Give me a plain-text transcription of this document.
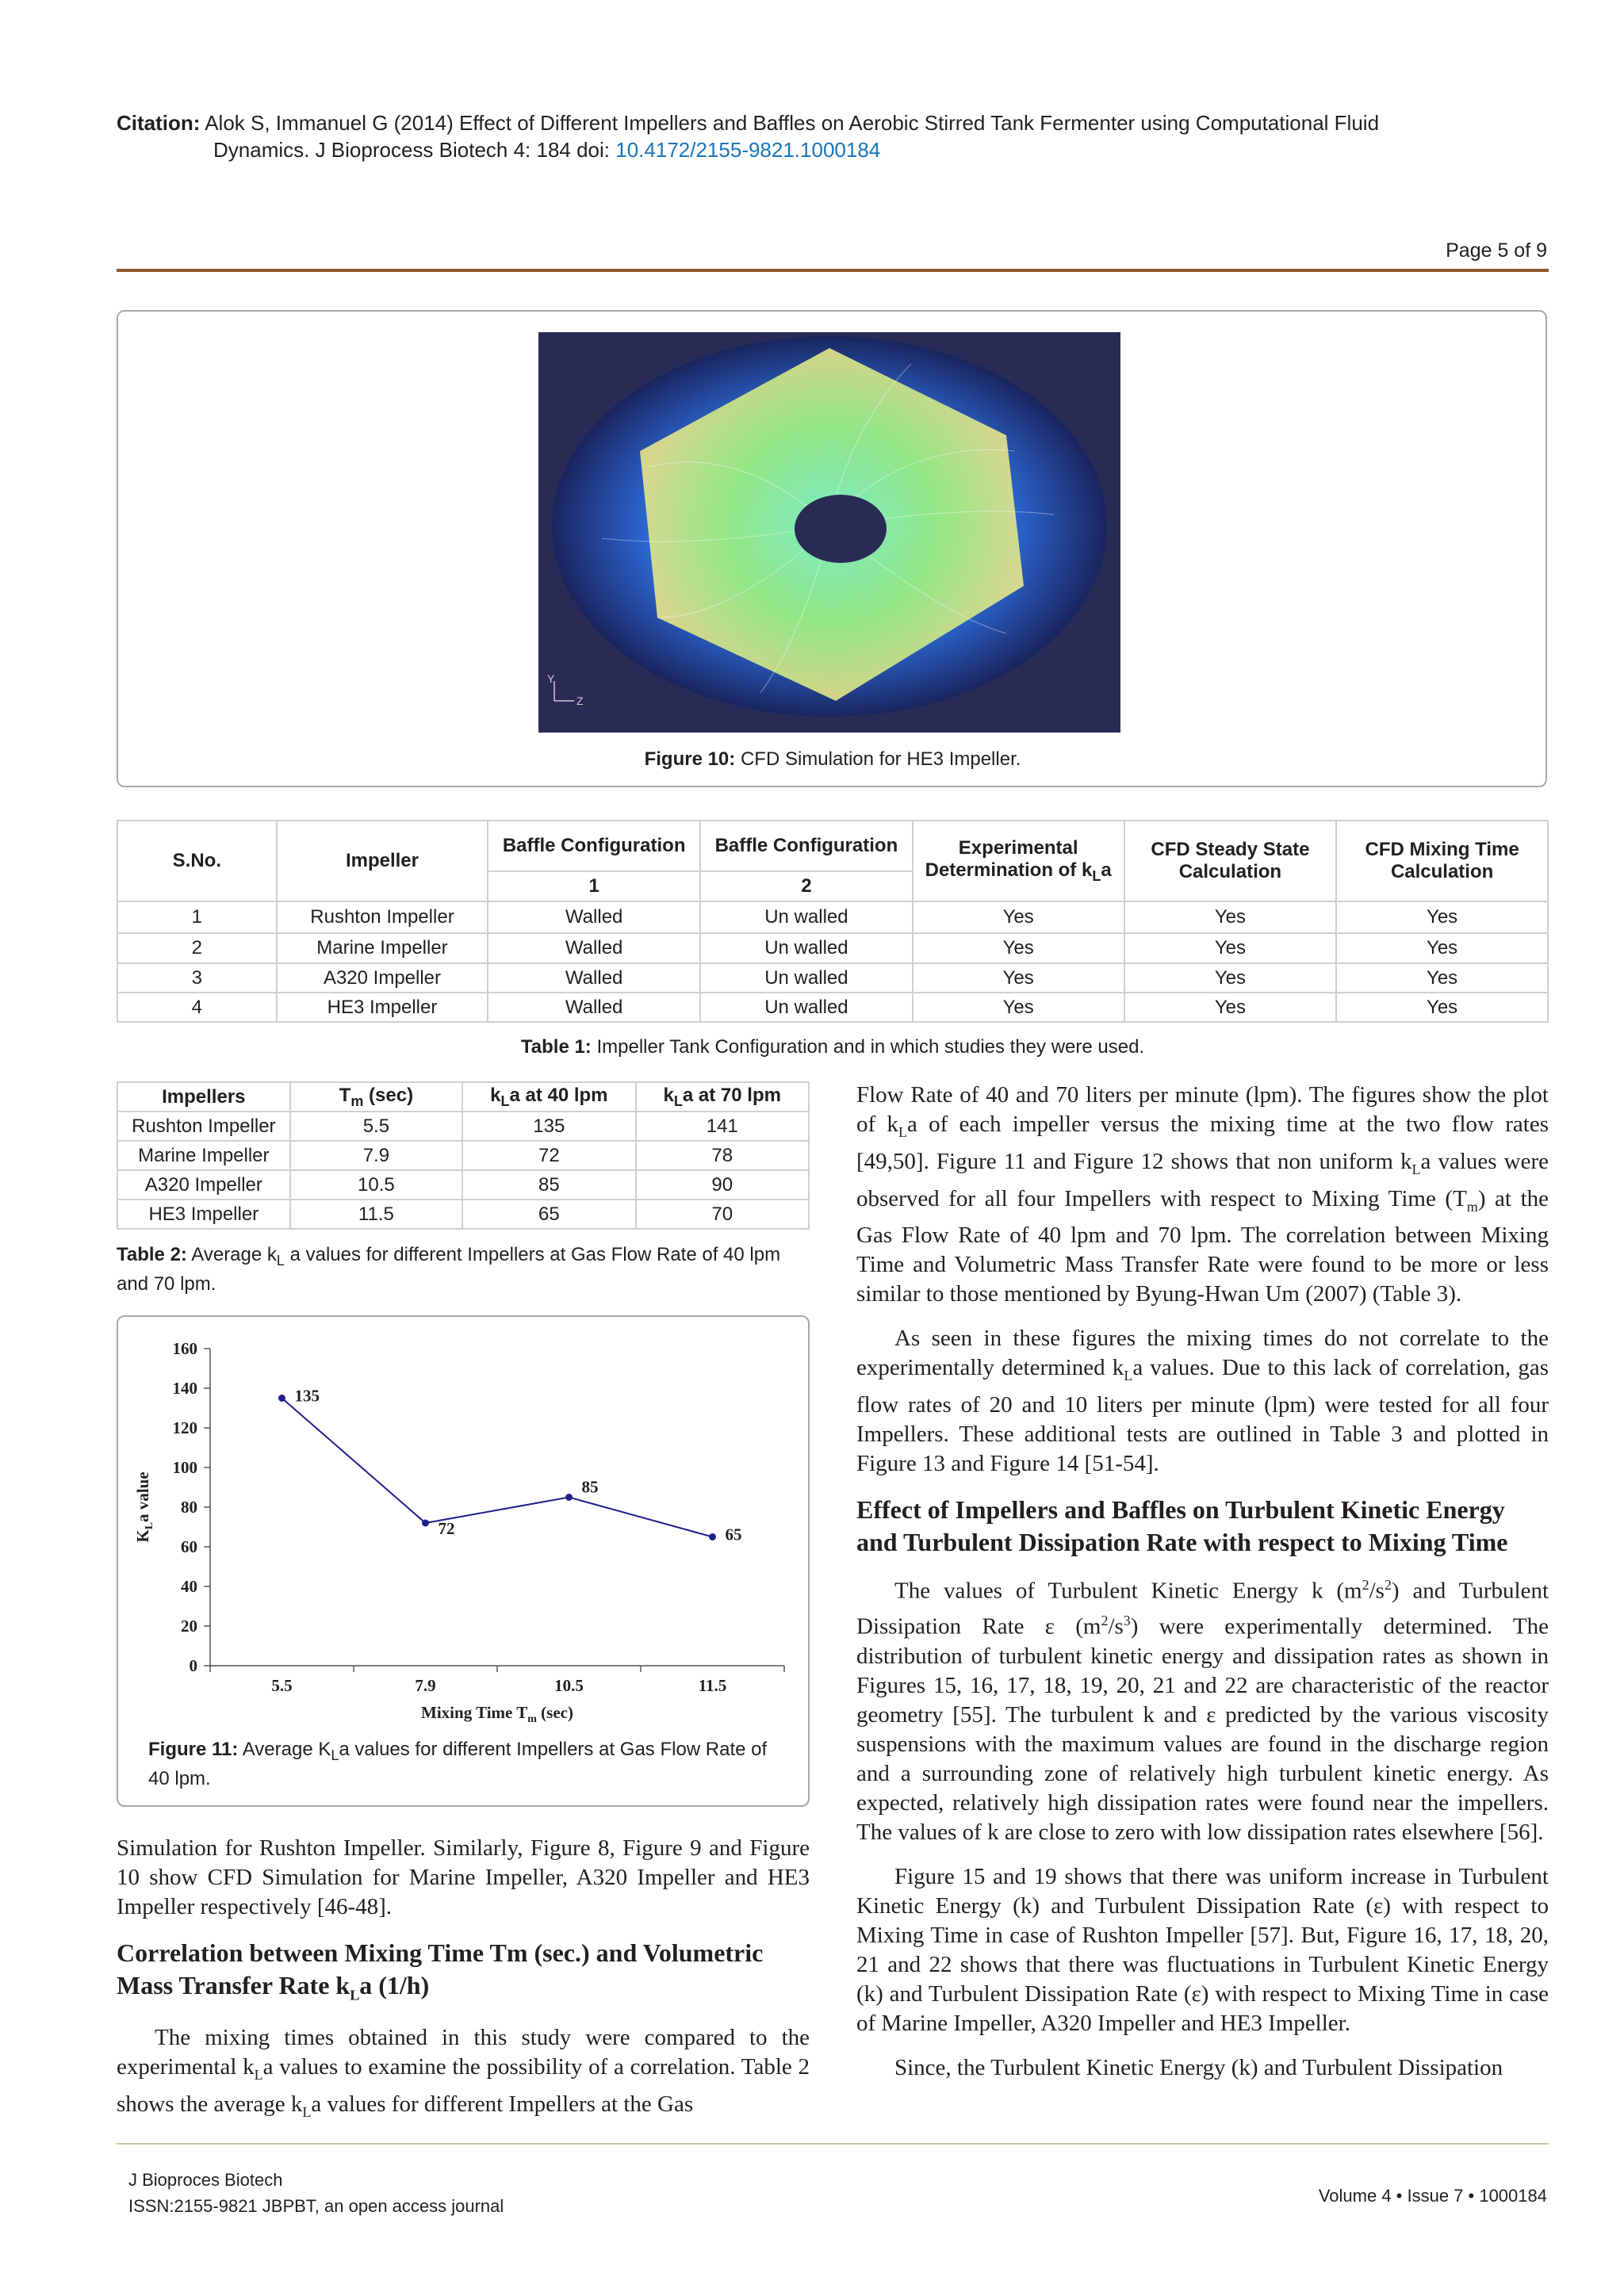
Citation: Alok S, Immanuel G (2014) Effect of Different Impellers and Baffles on Aerobic Stirred Tank Fermenter using Computational Fluid
Dynamics. J Bioprocess Biotech 4: 184 doi: 10.4172/2155-9821.1000184
Page 5 of 9
Y
Z
Figure 10: CFD Simulation for HE3 Impeller.
S.No.	Impeller	Baffle Configuration	Baffle Configuration	Experimental Determination of $k_La$	CFD Steady State Calculation	CFD Mixing Time Calculation
		1	2			
1	Rushton Impeller	Walled	Un walled	Yes	Yes	Yes
2	Marine Impeller	Walled	Un walled	Yes	Yes	Yes
3	A320 Impeller	Walled	Un walled	Yes	Yes	Yes
4	HE3 Impeller	Walled	Un walled	Yes	Yes	Yes
Table 1: Impeller Tank Configuration and in which studies they were used.
Impellers	$T_m$ (sec)	$k_La$ at 40 lpm	$k_La$ at 70 lpm
Rushton Impeller	5.5	135	141
Marine Impeller	7.9	72	78
A320 Impeller	10.5	85	90
HE3 Impeller	11.5	65	70
Table 2: Average $k_L$ a values for different Impellers at Gas Flow Rate of 40 lpm and 70 lpm.
0
20
40
60
80
100
120
140
160
5.5	7.9	10.5	11.5
135
72
85
65
Mixing Time $T_m$ (sec)
$K_La$ value
Figure 11: Average $K_La$ values for different Impellers at Gas Flow Rate of 40 lpm.

Flow Rate of 40 and 70 liters per minute (lpm). The figures show the plot of $k_La$ of each impeller versus the mixing time at the two flow rates [49,50]. Figure 11 and Figure 12 shows that non uniform $k_La$ values were observed for all four Impellers with respect to Mixing Time $(T_m)$ at the Gas Flow Rate of 40 lpm and 70 lpm. The correlation between Mixing Time and Volumetric Mass Transfer Rate were found to be more or less similar to those mentioned by Byung-Hwan Um (2007) (Table 3).

As seen in these figures the mixing times do not correlate to the experimentally determined $k_La$ values. Due to this lack of correlation, gas flow rates of 20 and 10 liters per minute (lpm) were tested for all four Impellers. These additional tests are outlined in Table 3 and plotted in Figure 13 and Figure 14 [51-54].

Effect of Impellers and Baffles on Turbulent Kinetic Energy and Turbulent Dissipation Rate with respect to Mixing Time

The values of Turbulent Kinetic Energy k $(m^2/s^2)$ and Turbulent Dissipation Rate ε $(m^2/s^3)$ were experimentally determined. The distribution of turbulent kinetic energy and dissipation rates as shown in Figures 15, 16, 17, 18, 19, 20, 21 and 22 are characteristic of the reactor geometry [55]. The turbulent k and ε predicted by the various viscosity suspensions with the maximum values are found in the discharge region and a surrounding zone of relatively high turbulent kinetic energy. As expected, relatively high dissipation rates were found near the impellers. The values of k are close to zero with low dissipation rates elsewhere [56].

Figure 15 and 19 shows that there was uniform increase in Turbulent Kinetic Energy (k) and Turbulent Dissipation Rate (ε) with respect to Mixing Time in case of Rushton Impeller [57]. But, Figure 16, 17, 18, 20, 21 and 22 shows that there was fluctuations in Turbulent Kinetic Energy (k) and Turbulent Dissipation Rate (ε) with respect to Mixing Time in case of Marine Impeller, A320 Impeller and HE3 Impeller.

Since, the Turbulent Kinetic Energy (k) and Turbulent Dissipation

Simulation for Rushton Impeller. Similarly, Figure 8, Figure 9 and Figure 10 show CFD Simulation for Marine Impeller, A320 Impeller and HE3 Impeller respectively [46-48].

Correlation between Mixing Time Tm (sec.) and Volumetric Mass Transfer Rate $k_La$ (1/h)

The mixing times obtained in this study were compared to the experimental $k_La$ values to examine the possibility of a correlation. Table 2 shows the average $k_La$ values for different Impellers at the Gas

J Bioproces Biotech
ISSN:2155-9821 JBPBT, an open access journal
Volume 4 • Issue 7 • 1000184
